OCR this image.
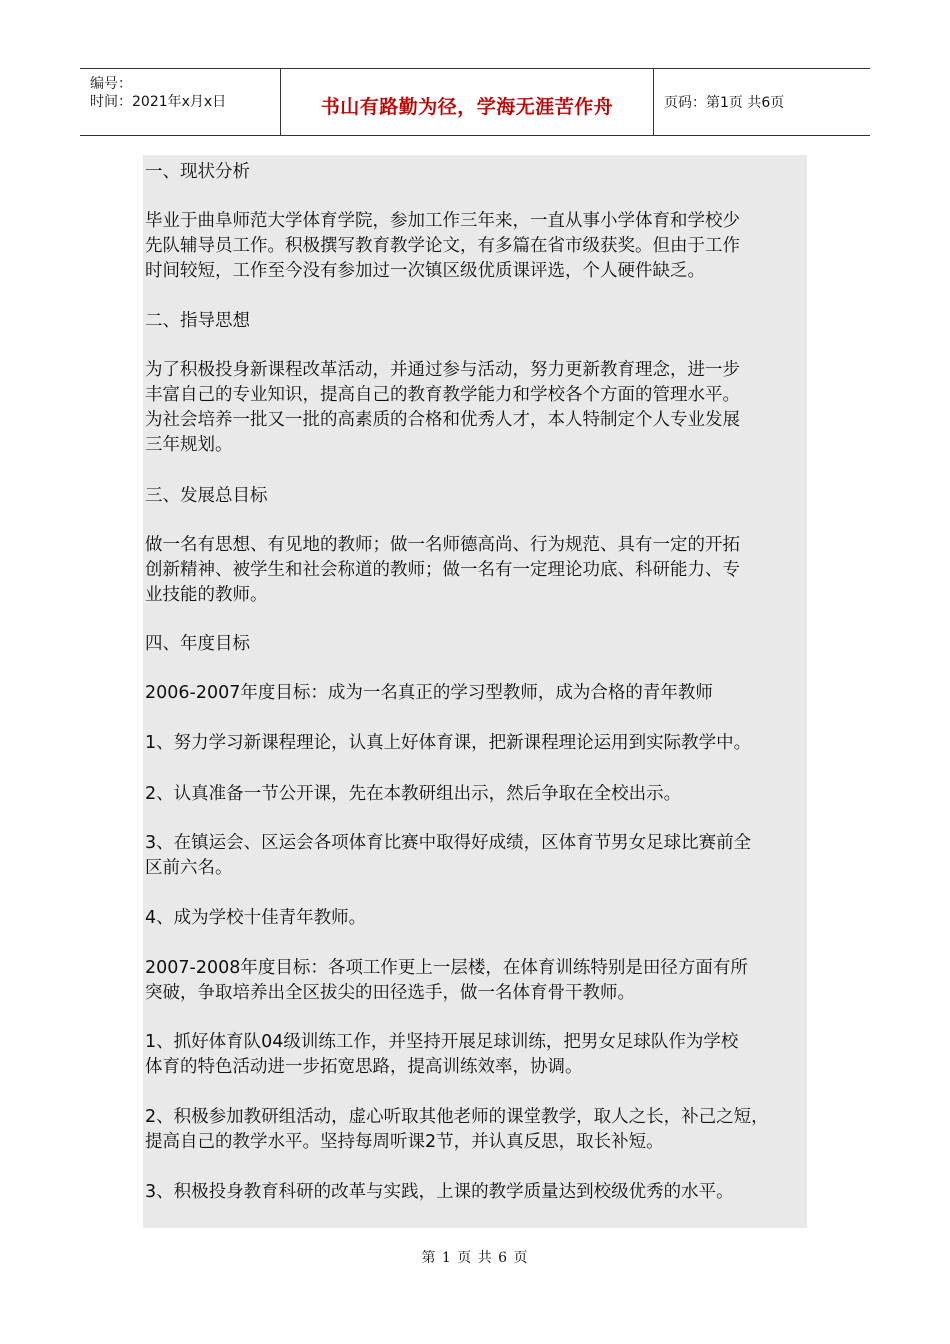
编号：
时间：2021年x月x日	书山有路勤为径，学海无涯苦作舟	页码：第1页 共6页

一、现状分析

毕业于曲阜师范大学体育学院，参加工作三年来，一直从事小学体育和学校少

先队辅导员工作。积极撰写教育教学论文，有多篇在省市级获奖。但由于工作

时间较短，工作至今没有参加过一次镇区级优质课评选，个人硬件缺乏。

二、指导思想

为了积极投身新课程改革活动，并通过参与活动，努力更新教育理念，进一步

丰富自己的专业知识，提高自己的教育教学能力和学校各个方面的管理水平。

为社会培养一批又一批的高素质的合格和优秀人才，本人特制定个人专业发展

三年规划。

三、发展总目标

做一名有思想、有见地的教师；做一名师德高尚、行为规范、具有一定的开拓

创新精神、被学生和社会称道的教师；做一名有一定理论功底、科研能力、专

业技能的教师。

四、年度目标

2006-2007年度目标：成为一名真正的学习型教师，成为合格的青年教师

1、努力学习新课程理论，认真上好体育课，把新课程理论运用到实际教学中。

2、认真准备一节公开课，先在本教研组出示，然后争取在全校出示。

3、在镇运会、区运会各项体育比赛中取得好成绩，区体育节男女足球比赛前全

区前六名。

4、成为学校十佳青年教师。

2007-2008年度目标：各项工作更上一层楼，在体育训练特别是田径方面有所

突破，争取培养出全区拔尖的田径选手，做一名体育骨干教师。

1、抓好体育队04级训练工作，并坚持开展足球训练，把男女足球队作为学校

体育的特色活动进一步拓宽思路，提高训练效率，协调。

2、积极参加教研组活动，虚心听取其他老师的课堂教学，取人之长，补己之短，

提高自己的教学水平。坚持每周听课2节，并认真反思，取长补短。

3、积极投身教育科研的改革与实践，上课的教学质量达到校级优秀的水平。

第 1 页 共 6 页
